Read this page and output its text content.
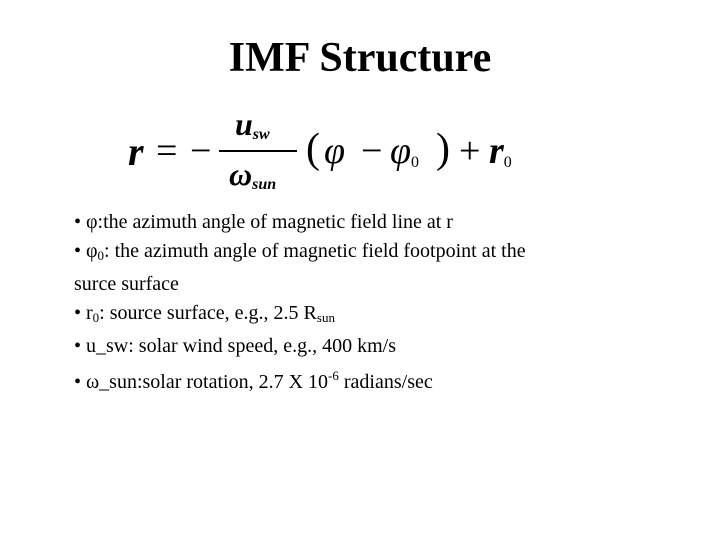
IMF Structure
r = −
$u_{sw}$
$\omega_{sun}$
( $\varphi - \varphi_0$ ) + $r_0$
• φ:the azimuth angle of magnetic field line at r
• φ0: the azimuth angle of magnetic field footpoint at the
surce surface
• r0: source surface, e.g., 2.5 Rsun
• u_sw: solar wind speed, e.g., 400 km/s
• ω_sun:solar rotation, 2.7 X $10^{-6}$ radians/sec
